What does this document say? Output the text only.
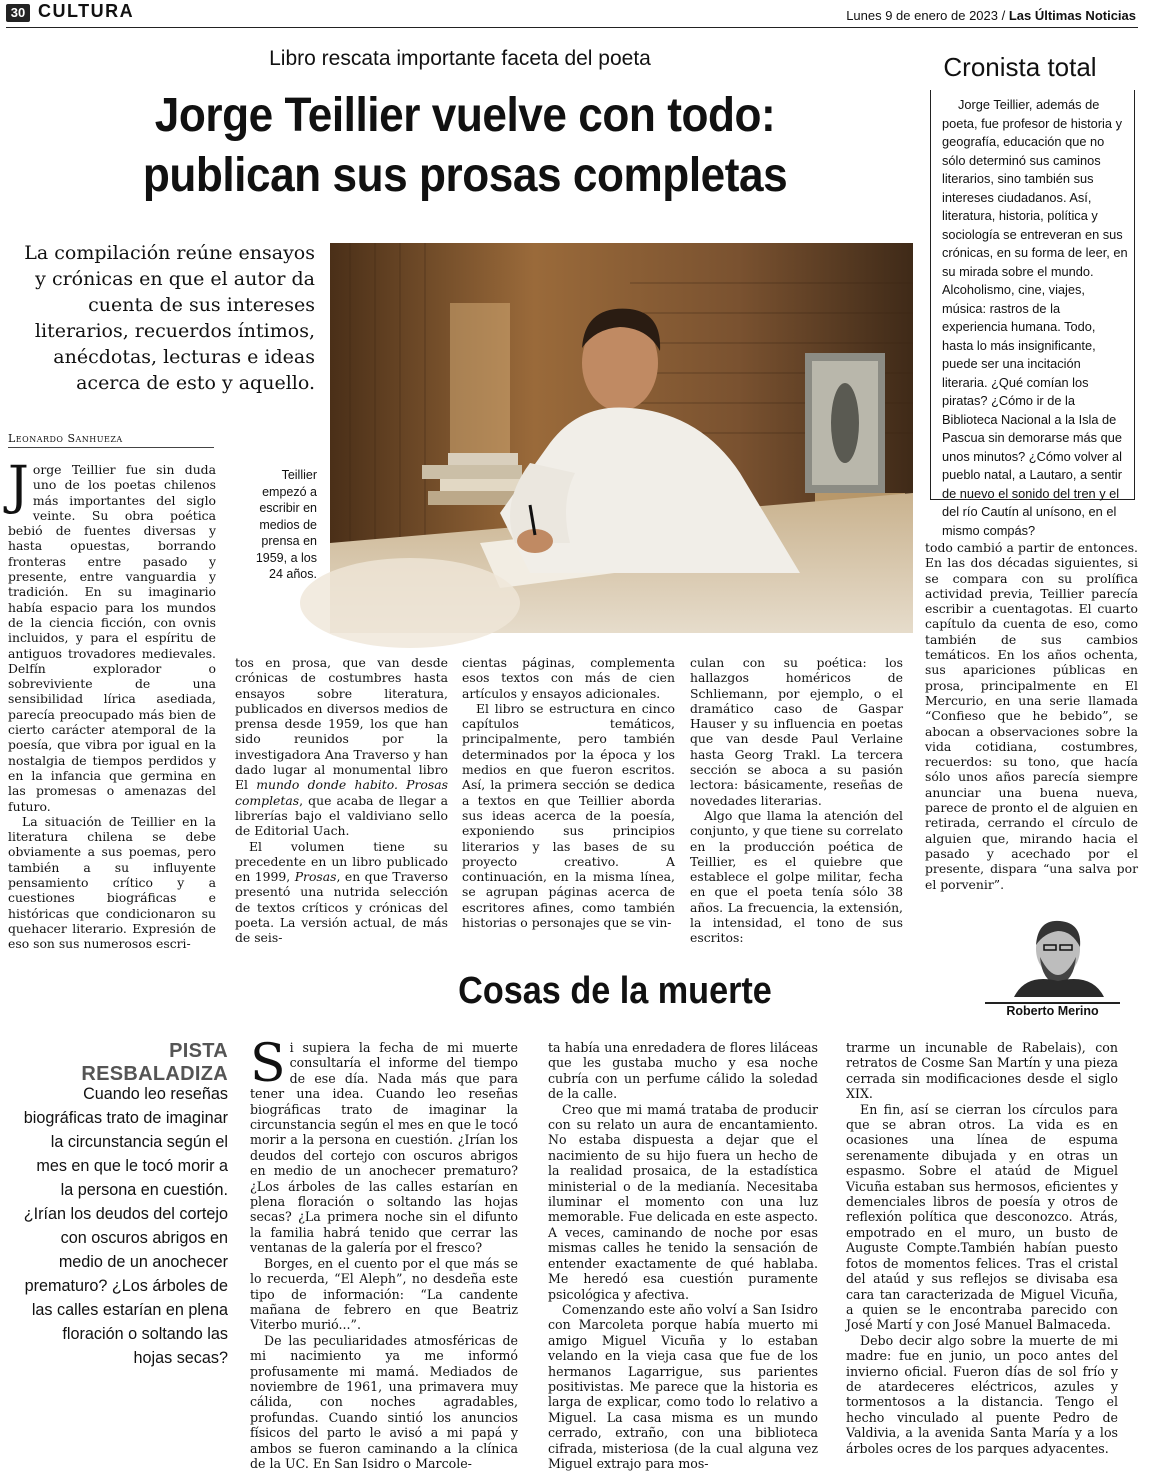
30 CULTURA	Lunes 9 de enero de 2023 / Las Últimas Noticias
Libro rescata importante faceta del poeta
Jorge Teillier vuelve con todo:
publican sus prosas completas
La compilación reúne ensayos y crónicas en que el autor da cuenta de sus intereses literarios, recuerdos íntimos, anécdotas, lecturas e ideas acerca de esto y aquello.
Cronista total
Jorge Teillier, además de poeta, fue profesor de historia y geografía, educación que no sólo determinó sus caminos literarios, sino también sus intereses ciudadanos. Así, literatura, historia, política y sociología se entreveran en sus crónicas, en su forma de leer, en su mirada sobre el mundo. Alcoholismo, cine, viajes, música: rastros de la experiencia humana. Todo, hasta lo más insignificante, puede ser una incitación literaria. ¿Qué comían los piratas? ¿Cómo ir de la Biblioteca Nacional a la Isla de Pascua sin demorarse más que unos minutos? ¿Cómo volver al pueblo natal, a Lautaro, a sentir de nuevo el sonido del tren y el del río Cautín al unísono, en el mismo compás?
Teillier empezó a escribir en medios de prensa en 1959, a los 24 años.
Leonardo Sanhueza

Jorge Teillier fue sin duda uno de los poetas chilenos más importantes del siglo veinte. Su obra poética bebió de fuentes diversas y hasta opuestas, borrando fronteras entre pasado y presente, entre vanguardia y tradición. En su imaginario había espacio para los mundos de la ciencia ficción, con ovnis incluidos, y para el espíritu de antiguos trovadores medievales. Delfín explorador o sobreviviente de una sensibilidad lírica asediada, parecía preocupado más bien de cierto carácter atemporal de la poesía, que vibra por igual en la nostalgia de tiempos perdidos y en la infancia que germina en las promesas o amenazas del futuro.

La situación de Teillier en la literatura chilena se debe obviamente a sus poemas, pero también a su influyente pensamiento crítico y a cuestiones biográficas e históricas que condicionaron su quehacer literario. Expresión de eso son sus numerosos escri-

tos en prosa, que van desde crónicas de costumbres hasta ensayos sobre literatura, publicados en diversos medios de prensa desde 1959, los que han sido reunidos por la investigadora Ana Traverso y han dado lugar al monumental libro El mundo donde habito. Prosas completas, que acaba de llegar a librerías bajo el valdiviano sello de Editorial Uach.

El volumen tiene su precedente en un libro publicado en 1999, Prosas, en que Traverso presentó una nutrida selección de textos críticos y crónicas del poeta. La versión actual, de más de seis-

cientas páginas, complementa esos textos con más de cien artículos y ensayos adicionales.

El libro se estructura en cinco capítulos temáticos, principalmente, pero también determinados por la época y los medios en que fueron escritos. Así, la primera sección se dedica a textos en que Teillier aborda sus ideas acerca de la poesía, exponiendo sus principios literarios y las bases de su proyecto creativo. A continuación, en la misma línea, se agrupan páginas acerca de escritores afines, como también historias o personajes que se vin-

culan con su poética: los hallazgos homéricos de Schliemann, por ejemplo, o el dramático caso de Gaspar Hauser y su influencia en poetas que van desde Paul Verlaine hasta Georg Trakl. La tercera sección se aboca a su pasión lectora: básicamente, reseñas de novedades literarias.

Algo que llama la atención del conjunto, y que tiene su correlato en la producción poética de Teillier, es el quiebre que establece el golpe militar, fecha en que el poeta tenía sólo 38 años. La frecuencia, la extensión, la intensidad, el tono de sus escritos:

todo cambió a partir de entonces. En las dos décadas siguientes, si se compara con su prolífica actividad previa, Teillier parecía escribir a cuentagotas. El cuarto capítulo da cuenta de eso, como también de sus cambios temáticos. En los años ochenta, sus apariciones públicas en prosa, principalmente en El Mercurio, en una serie llamada “Confieso que he bebido”, se abocan a observaciones sobre la vida cotidiana, costumbres, recuerdos: su tono, que hacía sólo unos años parecía siempre anunciar una buena nueva, parece de pronto el de alguien en retirada, cerrando el círculo de alguien que, mirando hacia el pasado y acechado por el presente, dispara “una salva por el porvenir”.

Cosas de la muerte	Roberto Merino
PISTA RESBALADIZA
Cuando leo reseñas biográficas trato de imaginar la circunstancia según el mes en que le tocó morir a la persona en cuestión. ¿Irían los deudos del cortejo con oscuros abrigos en medio de un anochecer prematuro? ¿Los árboles de las calles estarían en plena floración o soltando las hojas secas?

Si supiera la fecha de mi muerte consultaría el informe del tiempo de ese día. Nada más que para tener una idea. Cuando leo reseñas biográficas trato de imaginar la circunstancia según el mes en que le tocó morir a la persona en cuestión. ¿Irían los deudos del cortejo con oscuros abrigos en medio de un anochecer prematuro? ¿Los árboles de las calles estarían en plena floración o soltando las hojas secas? ¿La primera noche sin el difunto la familia habrá tenido que cerrar las ventanas de la galería por el fresco?

Borges, en el cuento por el que más se lo recuerda, “El Aleph”, no desdeña este tipo de información: “La candente mañana de febrero en que Beatriz Viterbo murió...”.

De las peculiaridades atmosféricas de mi nacimiento ya me informó profusamente mi mamá. Mediados de noviembre de 1961, una primavera muy cálida, con noches agradables, profundas. Cuando sintió los anuncios físicos del parto le avisó a mi papá y ambos se fueron caminando a la clínica de la UC. En San Isidro o Marcole-

ta había una enredadera de flores liláceas que les gustaba mucho y esa noche cubría con un perfume cálido la soledad de la calle.

Creo que mi mamá trataba de producir con su relato un aura de encantamiento. No estaba dispuesta a dejar que el nacimiento de su hijo fuera un hecho de la realidad prosaica, de la estadística ministerial o de la medianía. Necesitaba iluminar el momento con una luz memorable. Fue delicada en este aspecto. A veces, caminando de noche por esas mismas calles he tenido la sensación de entender exactamente de qué hablaba. Me heredó esa cuestión puramente psicológica y afectiva.

Comenzando este año volví a San Isidro con Marcoleta porque había muerto mi amigo Miguel Vicuña y lo estaban velando en la vieja casa que fue de los hermanos Lagarrigue, sus parientes positivistas. Me parece que la historia es larga de explicar, como todo lo relativo a Miguel. La casa misma es un mundo cerrado, extraño, con una biblioteca cifrada, misteriosa (de la cual alguna vez Miguel extrajo para mos-

trarme un incunable de Rabelais), con retratos de Cosme San Martín y una pieza cerrada sin modificaciones desde el siglo XIX.

En fin, así se cierran los círculos para que se abran otros. La vida es en ocasiones una línea de espuma serenamente dibujada y en otras un espasmo. Sobre el ataúd de Miguel Vicuña estaban sus hermosos, eficientes y demenciales libros de poesía y otros de reflexión política que desconozco. Atrás, empotrado en el muro, un busto de Auguste Compte.También habían puesto fotos de momentos felices. Tras el cristal del ataúd y sus reflejos se divisaba esa cara tan caracterizada de Miguel Vicuña, a quien se le encontraba parecido con José Martí y con José Manuel Balmaceda.

Debo decir algo sobre la muerte de mi madre: fue en junio, un poco antes del invierno oficial. Fueron días de sol frío y de atardeceres eléctricos, azules y tormentosos a la distancia. Tengo el hecho vinculado al puente Pedro de Valdivia, a la avenida Santa María y a los árboles ocres de los parques adyacentes.
